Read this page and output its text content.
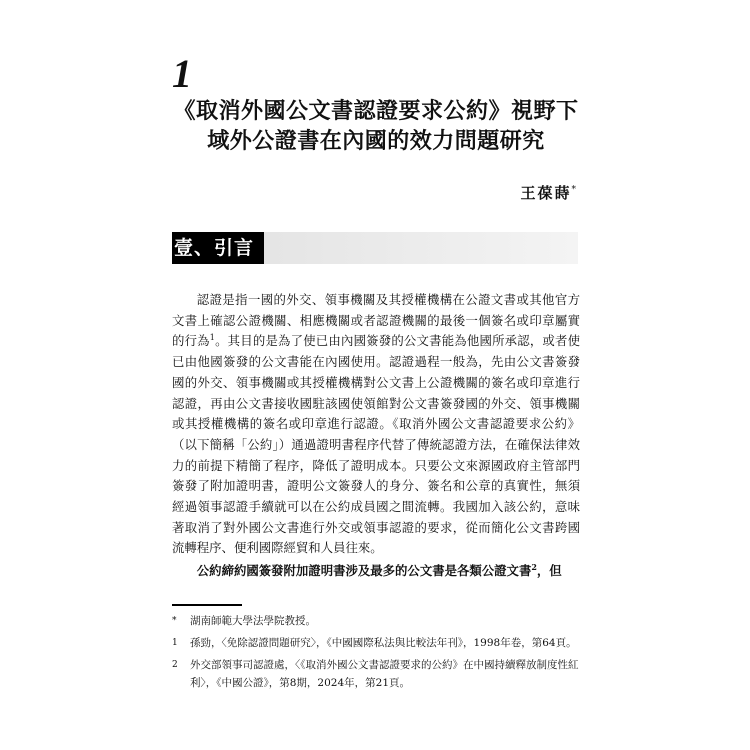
1
《取消外國公文書認證要求公約》視野下
域外公證書在內國的效力問題研究
王葆蒔*
壹、引言

認證是指一國的外交、領事機關及其授權機構在公證文書或其他官方文書上確認公證機關、相應機關或者認證機關的最後一個簽名或印章屬實的行為$^1$。其目的是為了使已由內國簽發的公文書能為他國所承認，或者使已由他國簽發的公文書能在內國使用。認證過程一般為，先由公文書簽發國的外交、領事機關或其授權機構對公文書上公證機關的簽名或印章進行認證，再由公文書接收國駐該國使領館對公文書簽發國的外交、領事機關或其授權機構的簽名或印章進行認證。《取消外國公文書認證要求公約》（以下簡稱「公約」）通過證明書程序代替了傳統認證方法，在確保法律效力的前提下精簡了程序，降低了證明成本。只要公文來源國政府主管部門簽發了附加證明書，證明公文簽發人的身分、簽名和公章的真實性，無須經過領事認證手續就可以在公約成員國之間流轉。我國加入該公約，意味著取消了對外國公文書進行外交或領事認證的要求，從而簡化公文書跨國流轉程序、便利國際經貿和人員往來。

公約締約國簽發附加證明書涉及最多的公文書是各類公證文書$^2$，但

*	湖南師範大學法學院教授。
1	孫勁，〈免除認證問題研究〉，《中國國際私法與比較法年刊》，1998年卷，第64頁。
2	外交部領事司認證處，〈《取消外國公文書認證要求的公約》在中國持續釋放制度性紅利〉，《中國公證》，第8期，2024年，第21頁。
